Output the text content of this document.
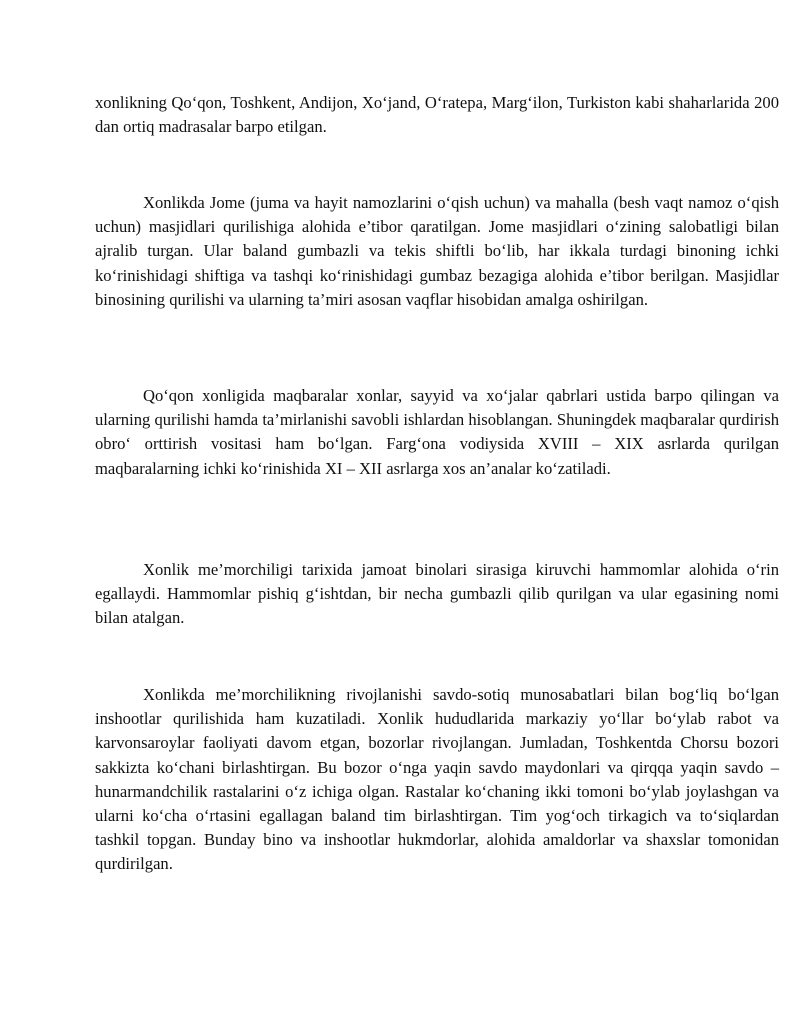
xonlikning Qo‘qon, Toshkent, Andijon, Xo‘jand, O‘ratepa, Marg‘ilon, Turkiston kabi shaharlarida 200 dan ortiq madrasalar barpo etilgan.

Xonlikda Jome (juma va hayit namozlarini o‘qish uchun) va mahalla (besh vaqt namoz o‘qish uchun) masjidlari qurilishiga alohida e’tibor qaratilgan. Jome masjidlari o‘zining salobatligi bilan ajralib turgan. Ular baland gumbazli va tekis shiftli bo‘lib, har ikkala turdagi binoning ichki ko‘rinishidagi shiftiga va tashqi ko‘rinishidagi gumbaz bezagiga alohida e’tibor berilgan. Masjidlar binosining qurilishi va ularning ta’miri asosan vaqflar hisobidan amalga oshirilgan.

Qo‘qon xonligida maqbaralar xonlar, sayyid va xo‘jalar qabrlari ustida barpo qilingan va ularning qurilishi hamda ta’mirlanishi savobli ishlardan hisoblangan. Shuningdek maqbaralar qurdirish obro‘ orttirish vositasi ham bo‘lgan. Farg‘ona vodiysida XVIII – XIX asrlarda qurilgan maqbaralarning ichki ko‘rinishida XI – XII asrlarga xos an’analar ko‘zatiladi.

Xonlik me’morchiligi tarixida jamoat binolari sirasiga kiruvchi hammomlar alohida o‘rin egallaydi. Hammomlar pishiq g‘ishtdan, bir necha gumbazli qilib qurilgan va ular egasining nomi bilan atalgan.

Xonlikda me’morchilikning rivojlanishi savdo-sotiq munosabatlari bilan bog‘liq bo‘lgan inshootlar qurilishida ham kuzatiladi. Xonlik hududlarida markaziy yo‘llar bo‘ylab rabot va karvonsaroylar faoliyati davom etgan, bozorlar rivojlangan. Jumladan, Toshkentda Chorsu bozori sakkizta ko‘chani birlashtirgan. Bu bozor o‘nga yaqin savdo maydonlari va qirqqa yaqin savdo – hunarmandchilik rastalarini o‘z ichiga olgan. Rastalar ko‘chaning ikki tomoni bo‘ylab joylashgan va ularni ko‘cha o‘rtasini egallagan baland tim birlashtirgan. Tim yog‘och tirkagich va to‘siqlardan tashkil topgan. Bunday bino va inshootlar hukmdorlar, alohida amaldorlar va shaxslar tomonidan qurdirilgan.
